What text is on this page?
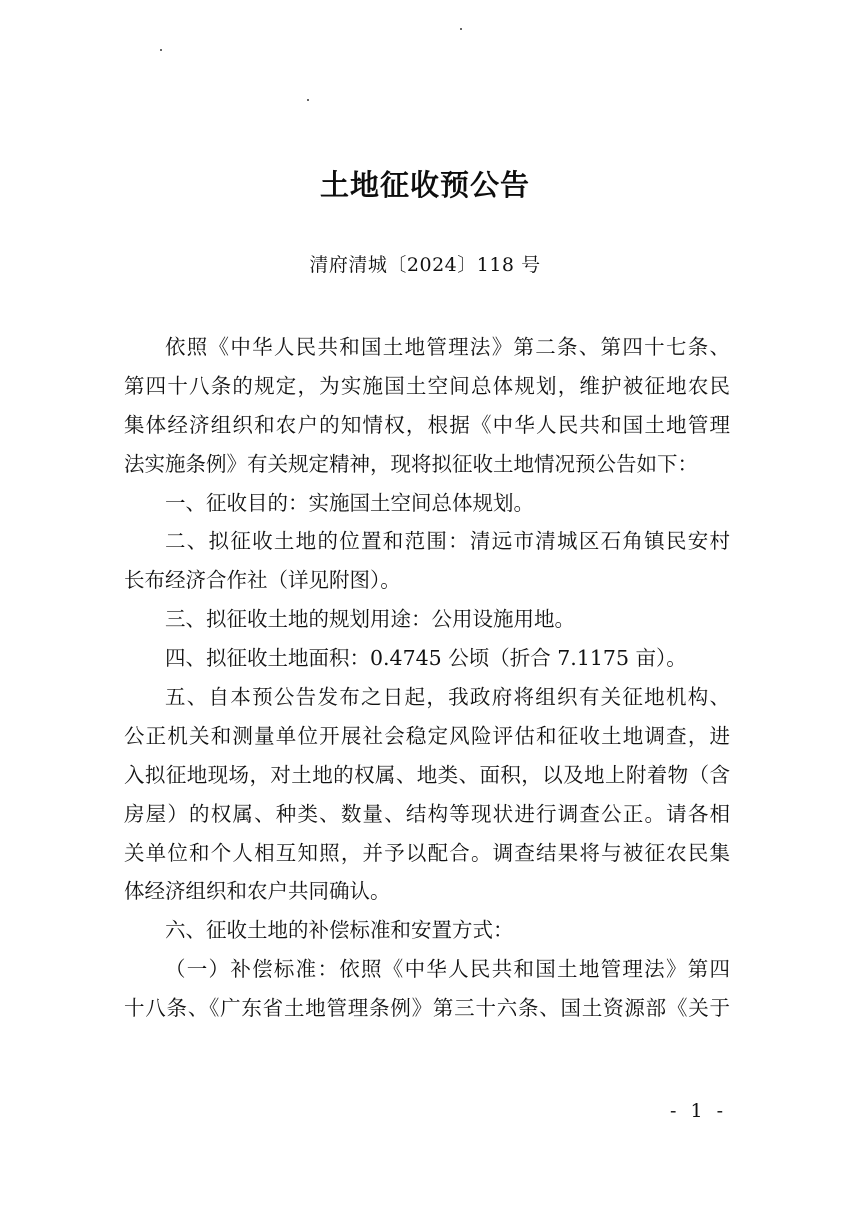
土地征收预公告
清府清城〔2024〕118 号
依照《中华人民共和国土地管理法》第二条、第四十七条、
第四十八条的规定，为实施国土空间总体规划，维护被征地农民
集体经济组织和农户的知情权，根据《中华人民共和国土地管理
法实施条例》有关规定精神，现将拟征收土地情况预公告如下：
一、征收目的：实施国土空间总体规划。
二、拟征收土地的位置和范围：清远市清城区石角镇民安村
长布经济合作社（详见附图）。
三、拟征收土地的规划用途：公用设施用地。
四、拟征收土地面积：0.4745 公顷（折合 7.1175 亩）。
五、自本预公告发布之日起，我政府将组织有关征地机构、
公正机关和测量单位开展社会稳定风险评估和征收土地调查，进
入拟征地现场，对土地的权属、地类、面积，以及地上附着物（含
房屋）的权属、种类、数量、结构等现状进行调查公正。请各相
关单位和个人相互知照，并予以配合。调查结果将与被征农民集
体经济组织和农户共同确认。
六、征收土地的补偿标准和安置方式：
（一）补偿标准：依照《中华人民共和国土地管理法》第四
十八条、《广东省土地管理条例》第三十六条、国土资源部《关于
- 1 -
